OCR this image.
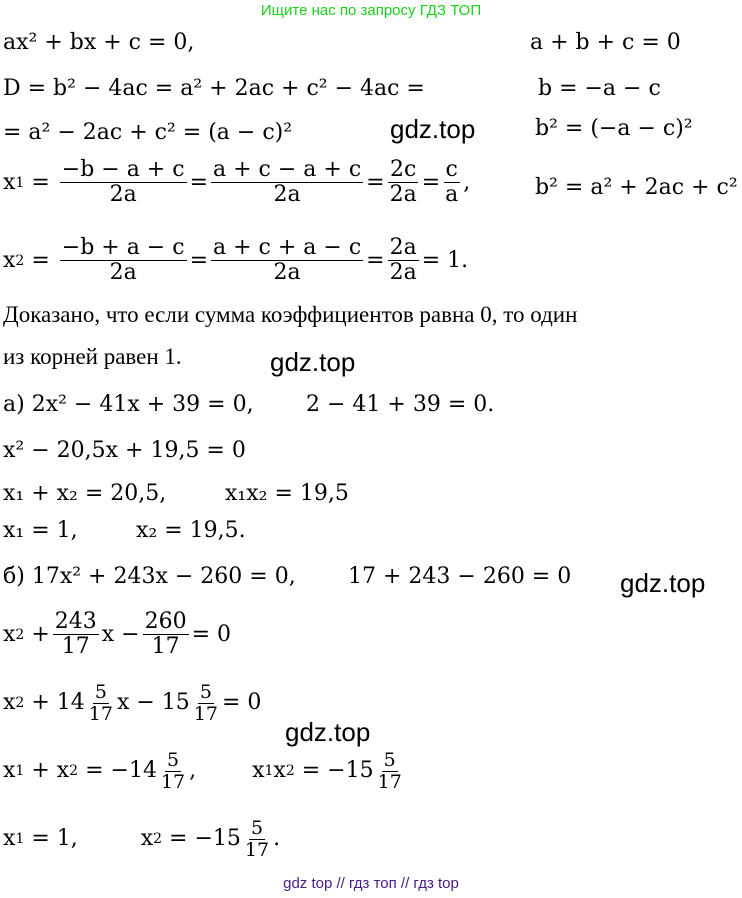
Ищите нас по запросу ГДЗ ТОП
gdz.top
gdz.top
gdz.top
gdz.top
ax² + bx + c = 0,	a + b + c = 0
D = b² − 4ac = a² + 2ac + c² − 4ac =	b = −a − c
= a² − 2ac + c² = (a − c)²	b² = (−a − c)²
x $1 = \frac{-b - a + c}{2a} = \frac{a + c - a + c}{2a} = \frac{2c}{2a} = \frac{c}{a}$ ,	b² = a² + 2ac + c²
x $2 = \frac{-b + a - c}{2a} = \frac{a + c + a - c}{2a} = \frac{2a}{2a} = 1$.
Доказано, что если сумма коэффициентов равна 0, то один
из корней равен 1.
а) 2x² − 41x + 39 = 0, 2 − 41 + 39 = 0.
x² − 20,5x + 19,5 = 0
x₁ + x₂ = 20,5,	x₁x₂ = 19,5
x₁ = 1,	x₂ = 19,5.
б) 17x² + 243x − 260 = 0, 17 + 243 − 260 = 0
x $2 + \frac{243}{17}$ $x - \frac{260}{17} = 0$
x $2 + 14 \frac{5}{17}$ $x - 15 \frac{5}{17} = 0$
x 1 + x 2 = − $14 \frac{5}{17}$ ,        x 1 x 2 = − $15 \frac{5}{17}$
x 1 = 1,         x 2 = − $15 \frac{5}{17}$ .
gdz top // гдз топ // гдз top
